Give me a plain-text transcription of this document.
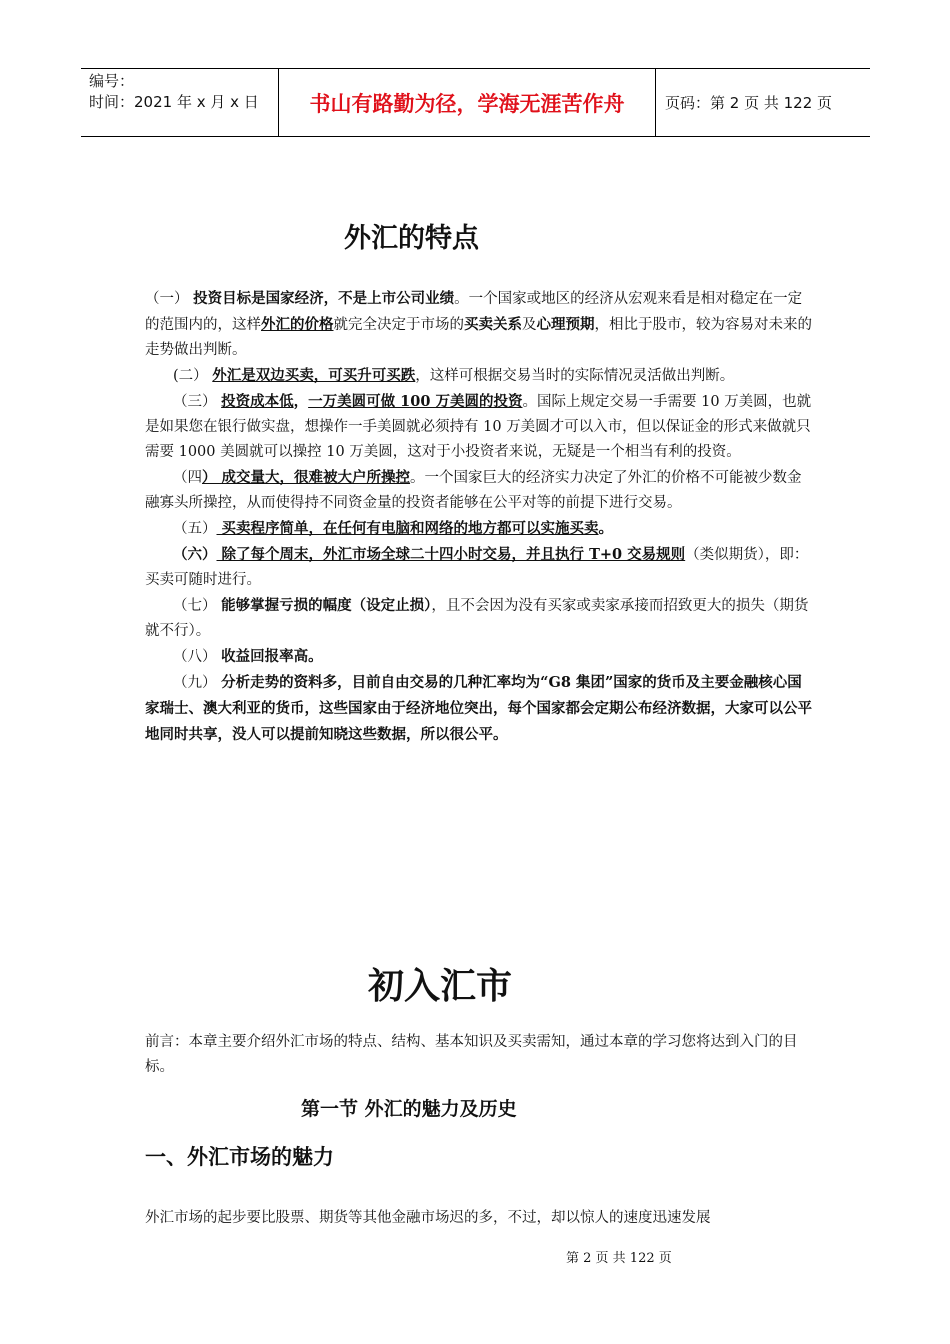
编号：
时间：2021 年 x 月 x 日	书山有路勤为径，学海无涯苦作舟	页码：第 2 页 共 122 页
外汇的特点

（一） 投资目标是国家经济，不是上市公司业绩。一个国家或地区的经济从宏观来看是相对稳定在一定的范围内的，这样外汇的价格就完全决定于市场的买卖关系及心理预期，相比于股市，较为容易对未来的走势做出判断。

(二） 外汇是双边买卖，可买升可买跌，这样可根据交易当时的实际情况灵活做出判断。

（三） 投资成本低，一万美圆可做 100 万美圆的投资。国际上规定交易一手需要 10 万美圆，也就是如果您在银行做实盘，想操作一手美圆就必须持有 10 万美圆才可以入市，但以保证金的形式来做就只需要 1000 美圆就可以操控 10 万美圆，这对于小投资者来说，无疑是一个相当有利的投资。

（四） 成交量大，很难被大户所操控。一个国家巨大的经济实力决定了外汇的价格不可能被少数金融寡头所操控，从而使得持不同资金量的投资者能够在公平对等的前提下进行交易。

（五） 买卖程序简单，在任何有电脑和网络的地方都可以实施买卖。

（六） 除了每个周末，外汇市场全球二十四小时交易，并且执行 T+0 交易规则（类似期货），即：买卖可随时进行。

（七） 能够掌握亏损的幅度（设定止损），且不会因为没有买家或卖家承接而招致更大的损失（期货就不行）。

（八） 收益回报率高。

（九） 分析走势的资料多，目前自由交易的几种汇率均为“G8 集团”国家的货币及主要金融核心国家瑞士、澳大利亚的货币，这些国家由于经济地位突出，每个国家都会定期公布经济数据，大家可以公平地同时共享，没人可以提前知晓这些数据，所以很公平。

初入汇市
前言：本章主要介绍外汇市场的特点、结构、基本知识及买卖需知，通过本章的学习您将达到入门的目标。
第一节 外汇的魅力及历史
一、外汇市场的魅力
外汇市场的起步要比股票、期货等其他金融市场迟的多，不过，却以惊人的速度迅速发展
第 2 页 共 122 页
